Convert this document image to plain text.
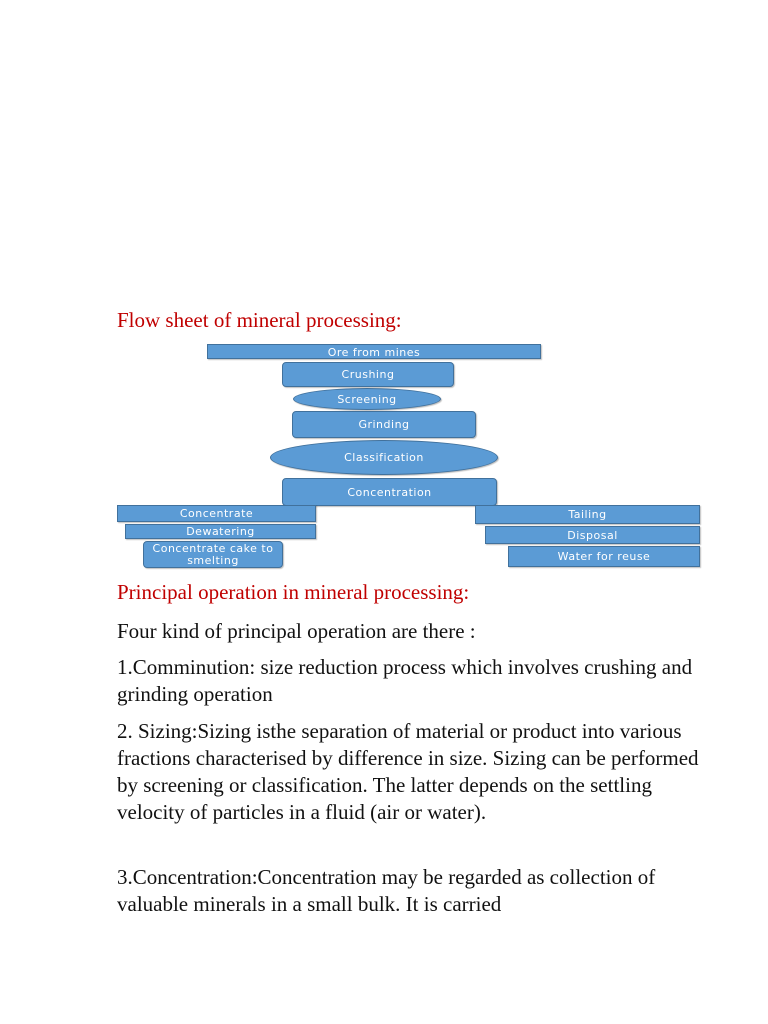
Flow sheet of mineral processing:
Ore from mines
Crushing
Screening
Grinding
Classification
Concentration
Concentrate
Dewatering
Concentrate cake to smelting
Tailing
Disposal
Water for reuse
Principal operation in mineral processing:

Four kind of principal operation are there :

1.Comminution: size reduction process which involves crushing and grinding operation

2. Sizing:Sizing isthe separation of material or product into various fractions characterised by difference in size. Sizing can be performed by screening or classification. The latter depends on the settling velocity of particles in a fluid (air or water).

3.Concentration:Concentration may be regarded as collection of valuable minerals in a small bulk. It is carried
